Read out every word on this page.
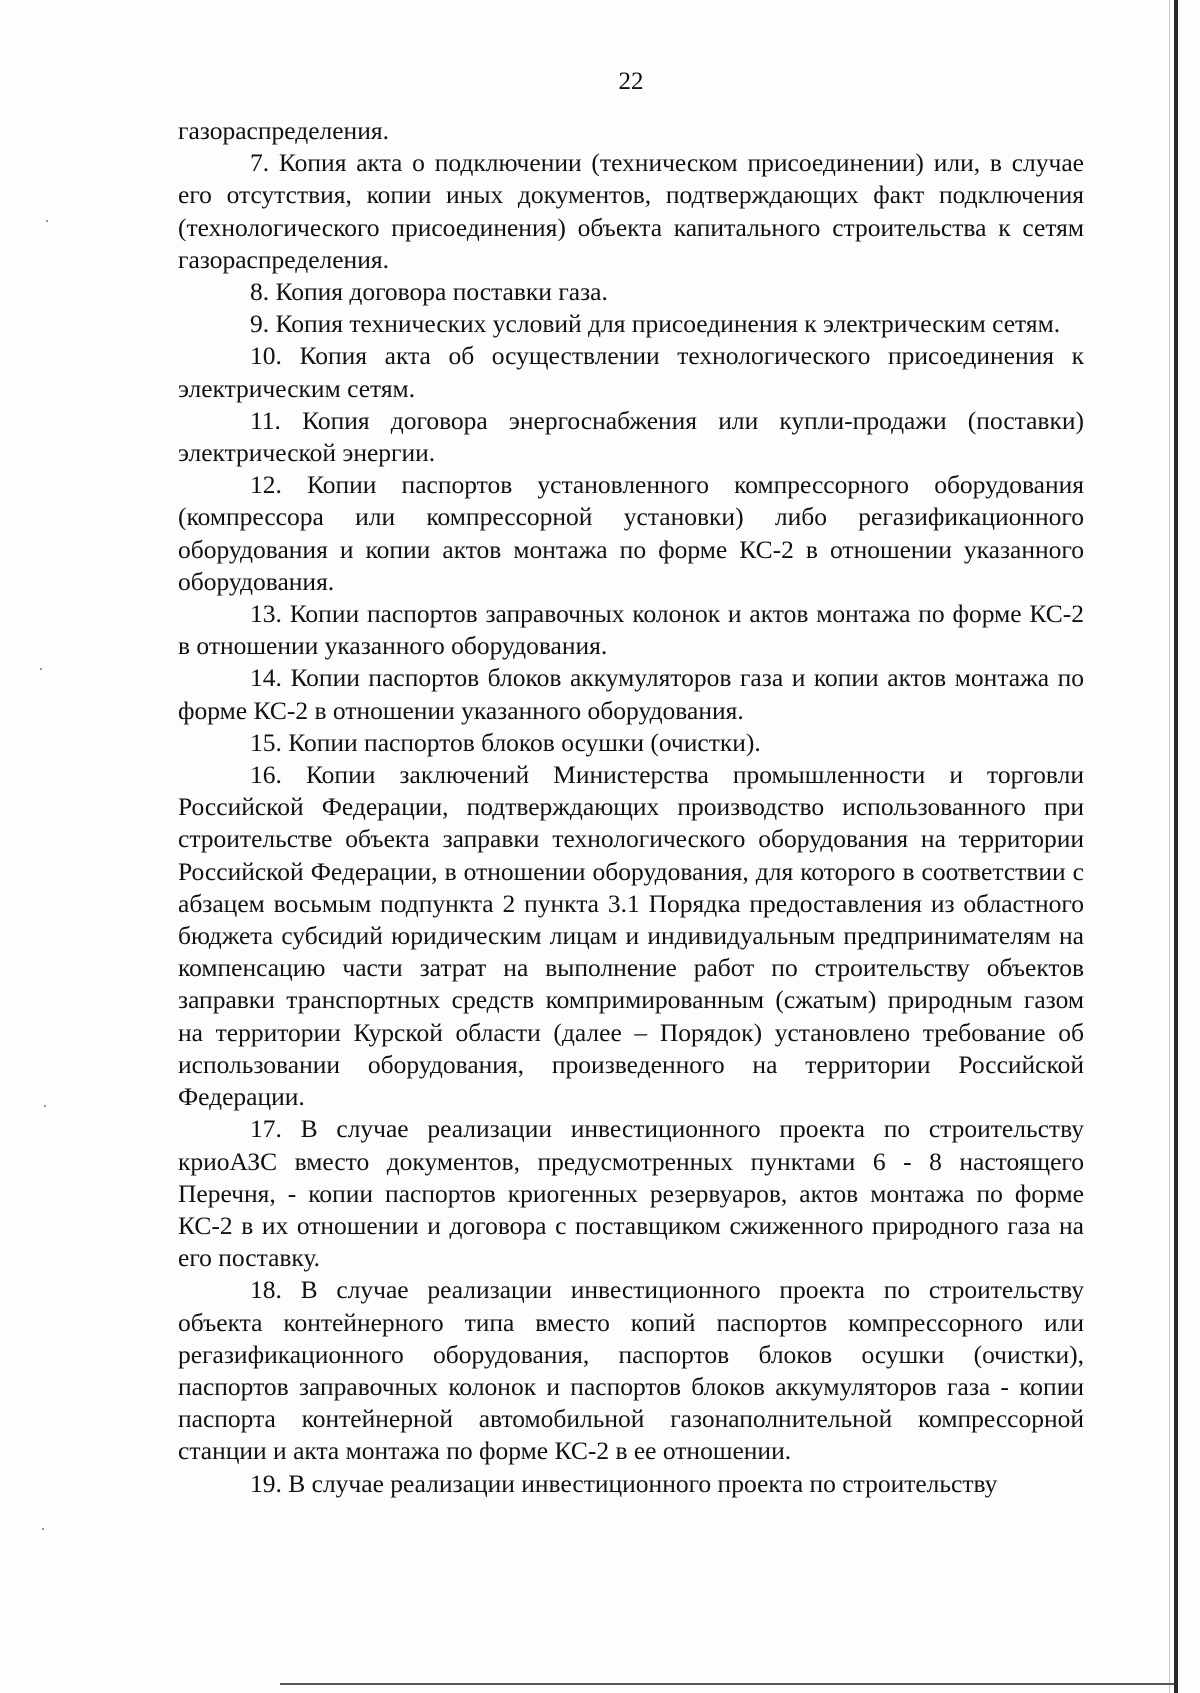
22

газораспределения.

7. Копия акта о подключении (техническом присоединении) или, в случае его отсутствия, копии иных документов, подтверждающих факт подключения (технологического присоединения) объекта капитального строительства к сетям газораспределения.

8. Копия договора поставки газа.

9. Копия технических условий для присоединения к электрическим сетям.

10. Копия акта об осуществлении технологического присоединения к электрическим сетям.

11. Копия договора энергоснабжения или купли-продажи (поставки) электрической энергии.

12. Копии паспортов установленного компрессорного оборудования (компрессора или компрессорной установки) либо регазификационного оборудования и копии актов монтажа по форме КС-2 в отношении указанного оборудования.

13. Копии паспортов заправочных колонок и актов монтажа по форме КС-2 в отношении указанного оборудования.

14. Копии паспортов блоков аккумуляторов газа и копии актов монтажа по форме КС-2 в отношении указанного оборудования.

15. Копии паспортов блоков осушки (очистки).

16. Копии заключений Министерства промышленности и торговли Российской Федерации, подтверждающих производство использованного при строительстве объекта заправки технологического оборудования на территории Российской Федерации, в отношении оборудования, для которого в соответствии с абзацем восьмым подпункта 2 пункта 3.1 Порядка предоставления из областного бюджета субсидий юридическим лицам и индивидуальным предпринимателям на компенсацию части затрат на выполнение работ по строительству объектов заправки транспортных средств компримированным (сжатым) природным газом на территории Курской области (далее – Порядок) установлено требование об использовании оборудования, произведенного на территории Российской Федерации.

17. В случае реализации инвестиционного проекта по строительству криоАЗС вместо документов, предусмотренных пунктами 6 - 8 настоящего Перечня, - копии паспортов криогенных резервуаров, актов монтажа по форме КС-2 в их отношении и договора с поставщиком сжиженного природного газа на его поставку.

18. В случае реализации инвестиционного проекта по строительству объекта контейнерного типа вместо копий паспортов компрессорного или регазификационного оборудования, паспортов блоков осушки (очистки), паспортов заправочных колонок и паспортов блоков аккумуляторов газа - копии паспорта контейнерной автомобильной газонаполнительной компрессорной станции и акта монтажа по форме КС-2 в ее отношении.

19. В случае реализации инвестиционного проекта по строительству
